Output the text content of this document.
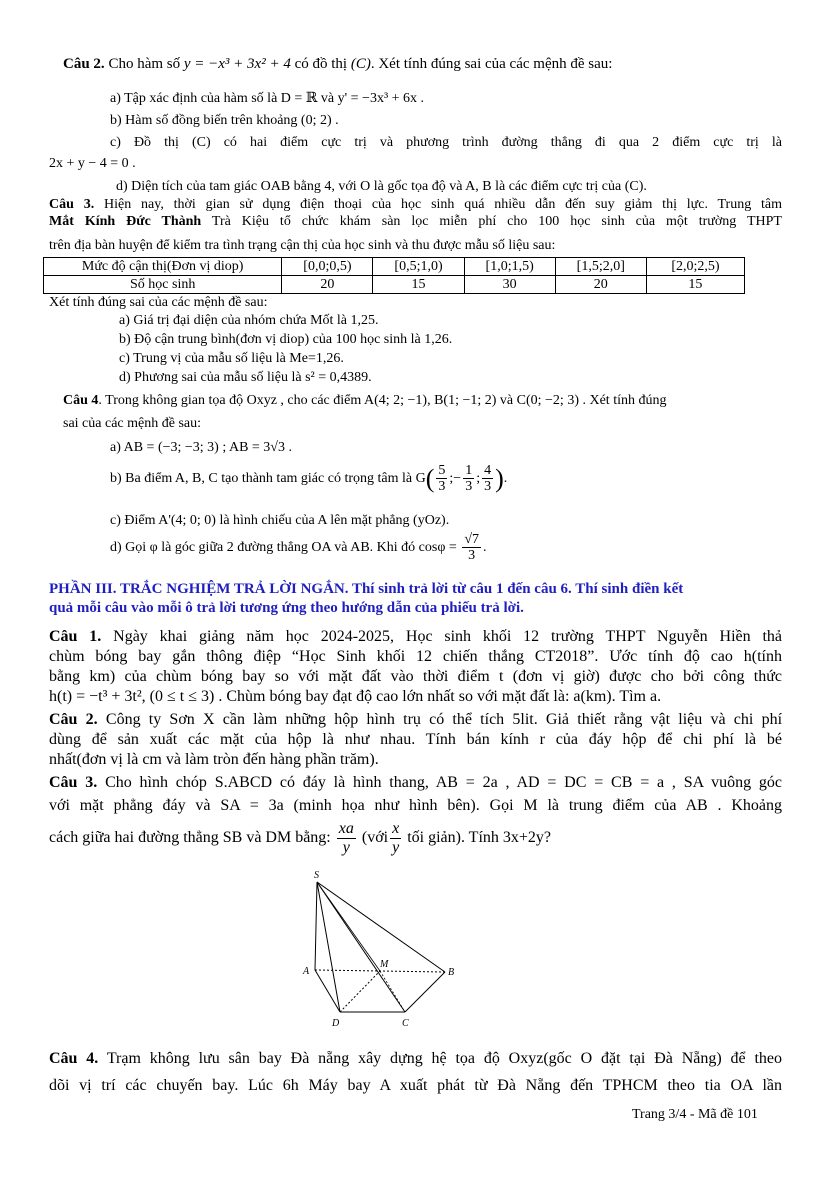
Câu 2. Cho hàm số y = −x³ + 3x² + 4 có đồ thị (C). Xét tính đúng sai của các mệnh đề sau:
a) Tập xác định của hàm số là D = ℝ và y' = −3x³ + 6x .
b) Hàm số đồng biến trên khoảng (0; 2) .
c) Đồ thị (C) có hai điểm cực trị và phương trình đường thẳng đi qua 2 điểm cực trị là
2x + y − 4 = 0 .
d) Diện tích của tam giác OAB bằng 4, với O là gốc tọa độ và A, B là các điểm cực trị của (C).
Câu 3. Hiện nay, thời gian sử dụng điện thoại của học sinh quá nhiều dẫn đến suy giảm thị lực. Trung tâm
Mắt Kính Đức Thành Trà Kiệu tổ chức khám sàn lọc miễn phí cho 100 học sinh của một trường THPT
trên địa bàn huyện để kiểm tra tình trạng cận thị của học sinh và thu được mẫu số liệu sau:
Mức độ cận thị(Đơn vị diop)	[0,0;0,5)	[0,5;1,0)	[1,0;1,5)	[1,5;2,0]	[2,0;2,5)
Số học sinh	20	15	30	20	15
Xét tính đúng sai của các mệnh đề sau:
a) Giá trị đại diện của nhóm chứa Mốt là 1,25.
b) Độ cận trung bình(đơn vị diop) của 100 học sinh là 1,26.
c) Trung vị của mẫu số liệu là Me=1,26.
d) Phương sai của mẫu số liệu là s² = 0,4389.
Câu 4. Trong không gian tọa độ Oxyz , cho các điểm A(4; 2; −1), B(1; −1; 2) và C(0; −2; 3) . Xét tính đúng
sai của các mệnh đề sau:
a) AB = (−3; −3; 3) ; AB = 3√3 .
b) Ba điểm A, B, C tạo thành tam giác có trọng tâm là $G( \frac{5}{3}$ ;− $\frac{1}{3}$ ; $\frac{4}{3}$ ).
c) Điểm A'(4; 0; 0) là hình chiếu của A lên mặt phẳng (yOz).
d) Gọi φ là góc giữa 2 đường thẳng OA và AB. Khi đó $\cos\varphi = \frac{√7}{3}$ .
PHẦN III. TRẮC NGHIỆM TRẢ LỜI NGẮN. Thí sinh trả lời từ câu 1 đến câu 6. Thí sinh điền kết
quả mỗi câu vào mỗi ô trả lời tương ứng theo hướng dẫn của phiếu trả lời.
Câu 1. Ngày khai giảng năm học 2024-2025, Học sinh khối 12 trường THPT Nguyễn Hiền thả
chùm bóng bay gắn thông điệp “Học Sinh khối 12 chiến thắng CT2018”. Ước tính độ cao h(tính
bằng km) của chùm bóng bay so với mặt đất vào thời điểm t (đơn vị giờ) được cho bởi công thức
h(t) = −t³ + 3t², (0 ≤ t ≤ 3) . Chùm bóng bay đạt độ cao lớn nhất so với mặt đất là: a(km). Tìm a.
Câu 2. Công ty Sơn X cần làm những hộp hình trụ có thể tích 5lit. Giả thiết rằng vật liệu và chi phí
dùng để sản xuất các mặt của hộp là như nhau. Tính bán kính r của đáy hộp để chi phí là bé
nhất(đơn vị là cm và làm tròn đến hàng phần trăm).
Câu 3. Cho hình chóp S.ABCD có đáy là hình thang, AB = 2a , AD = DC = CB = a , SA vuông góc
với mặt phẳng đáy và SA = 3a (minh họa như hình bên). Gọi M là trung điểm của AB . Khoảng
cách giữa hai đường thẳng SB và DM bằng: $\frac{xa}{y}$ (với $\frac{x}{y}$ tối giản). Tính 3x+2y?
S
A
M
B
D	C
Câu 4. Trạm không lưu sân bay Đà nẵng xây dựng hệ tọa độ Oxyz(gốc O đặt tại Đà Nẵng) để theo
dõi vị trí các chuyến bay. Lúc 6h Máy bay A xuất phát từ Đà Nẵng đến TPHCM theo tia OA lần
Trang 3/4 - Mã đề 101
